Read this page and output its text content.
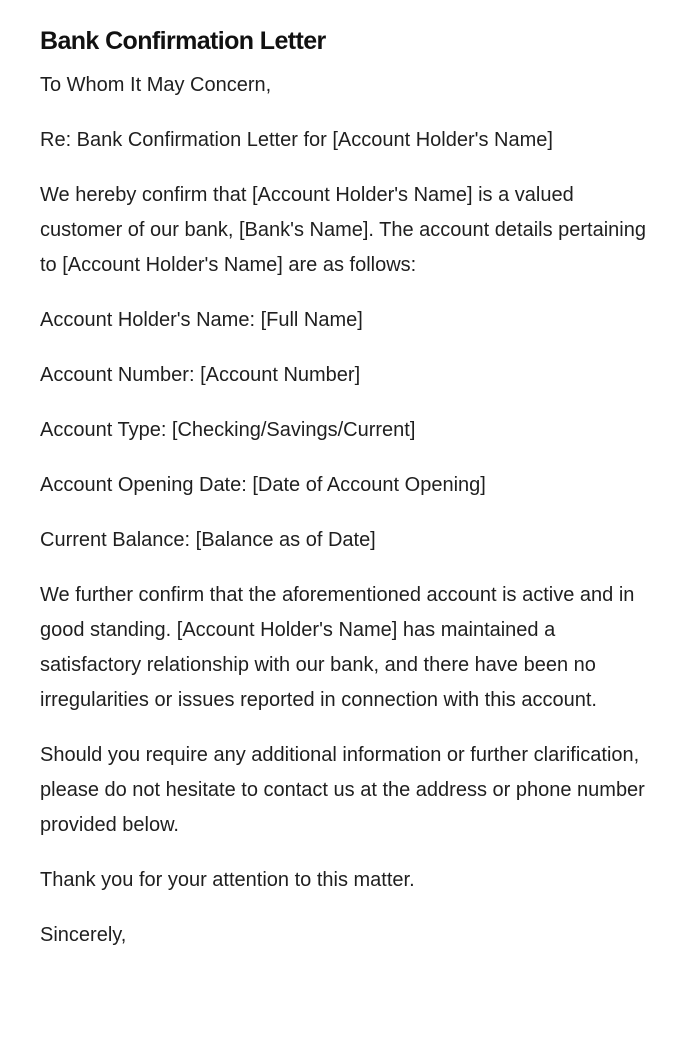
Bank Confirmation Letter

To Whom It May Concern,

Re: Bank Confirmation Letter for [Account Holder's Name]

We hereby confirm that [Account Holder's Name] is a valued customer of our bank, [Bank's Name]. The account details pertaining to [Account Holder's Name] are as follows:

Account Holder's Name: [Full Name]

Account Number: [Account Number]

Account Type: [Checking/Savings/Current]

Account Opening Date: [Date of Account Opening]

Current Balance: [Balance as of Date]

We further confirm that the aforementioned account is active and in good standing. [Account Holder's Name] has maintained a satisfactory relationship with our bank, and there have been no irregularities or issues reported in connection with this account.

Should you require any additional information or further clarification, please do not hesitate to contact us at the address or phone number provided below.

Thank you for your attention to this matter.

Sincerely,
